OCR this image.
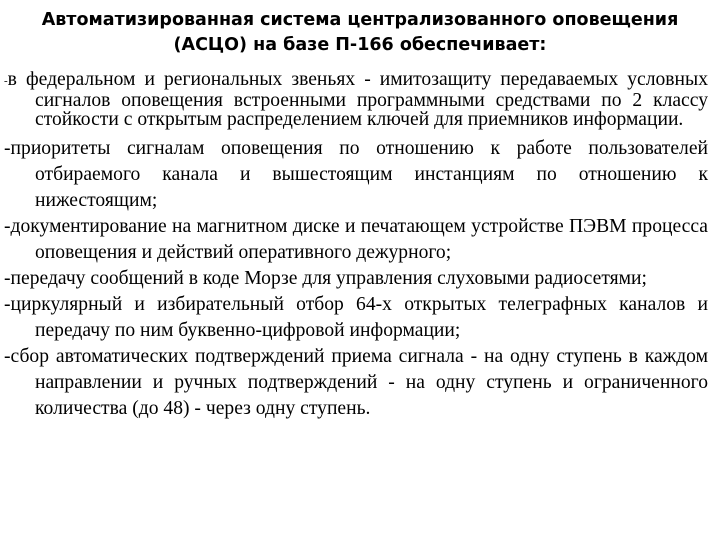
Автоматизированная система централизованного оповещения
(АСЦО) на базе П-166 обеспечивает:
-в федеральном и региональных звеньях - имитозащиту передаваемых условных сигналов оповещения встроенными программными средствами по 2 классу стойкости с открытым распределением ключей для приемников информации.
-приоритеты сигналам оповещения по отношению к работе пользователей отбираемого канала и вышестоящим инстанциям по отношению к нижестоящим;
-документирование на магнитном диске и печатающем устройстве ПЭВМ процесса оповещения и действий оперативного дежурного;
-передачу сообщений в коде Морзе для управления слуховыми радиосетями;
-циркулярный и избирательный отбор 64-х открытых телеграфных каналов и передачу по ним буквенно-цифровой информации;
-сбор автоматических подтверждений приема сигнала - на одну ступень в каждом направлении и ручных подтверждений - на одну ступень и ограниченного количества (до 48) - через одну ступень.
